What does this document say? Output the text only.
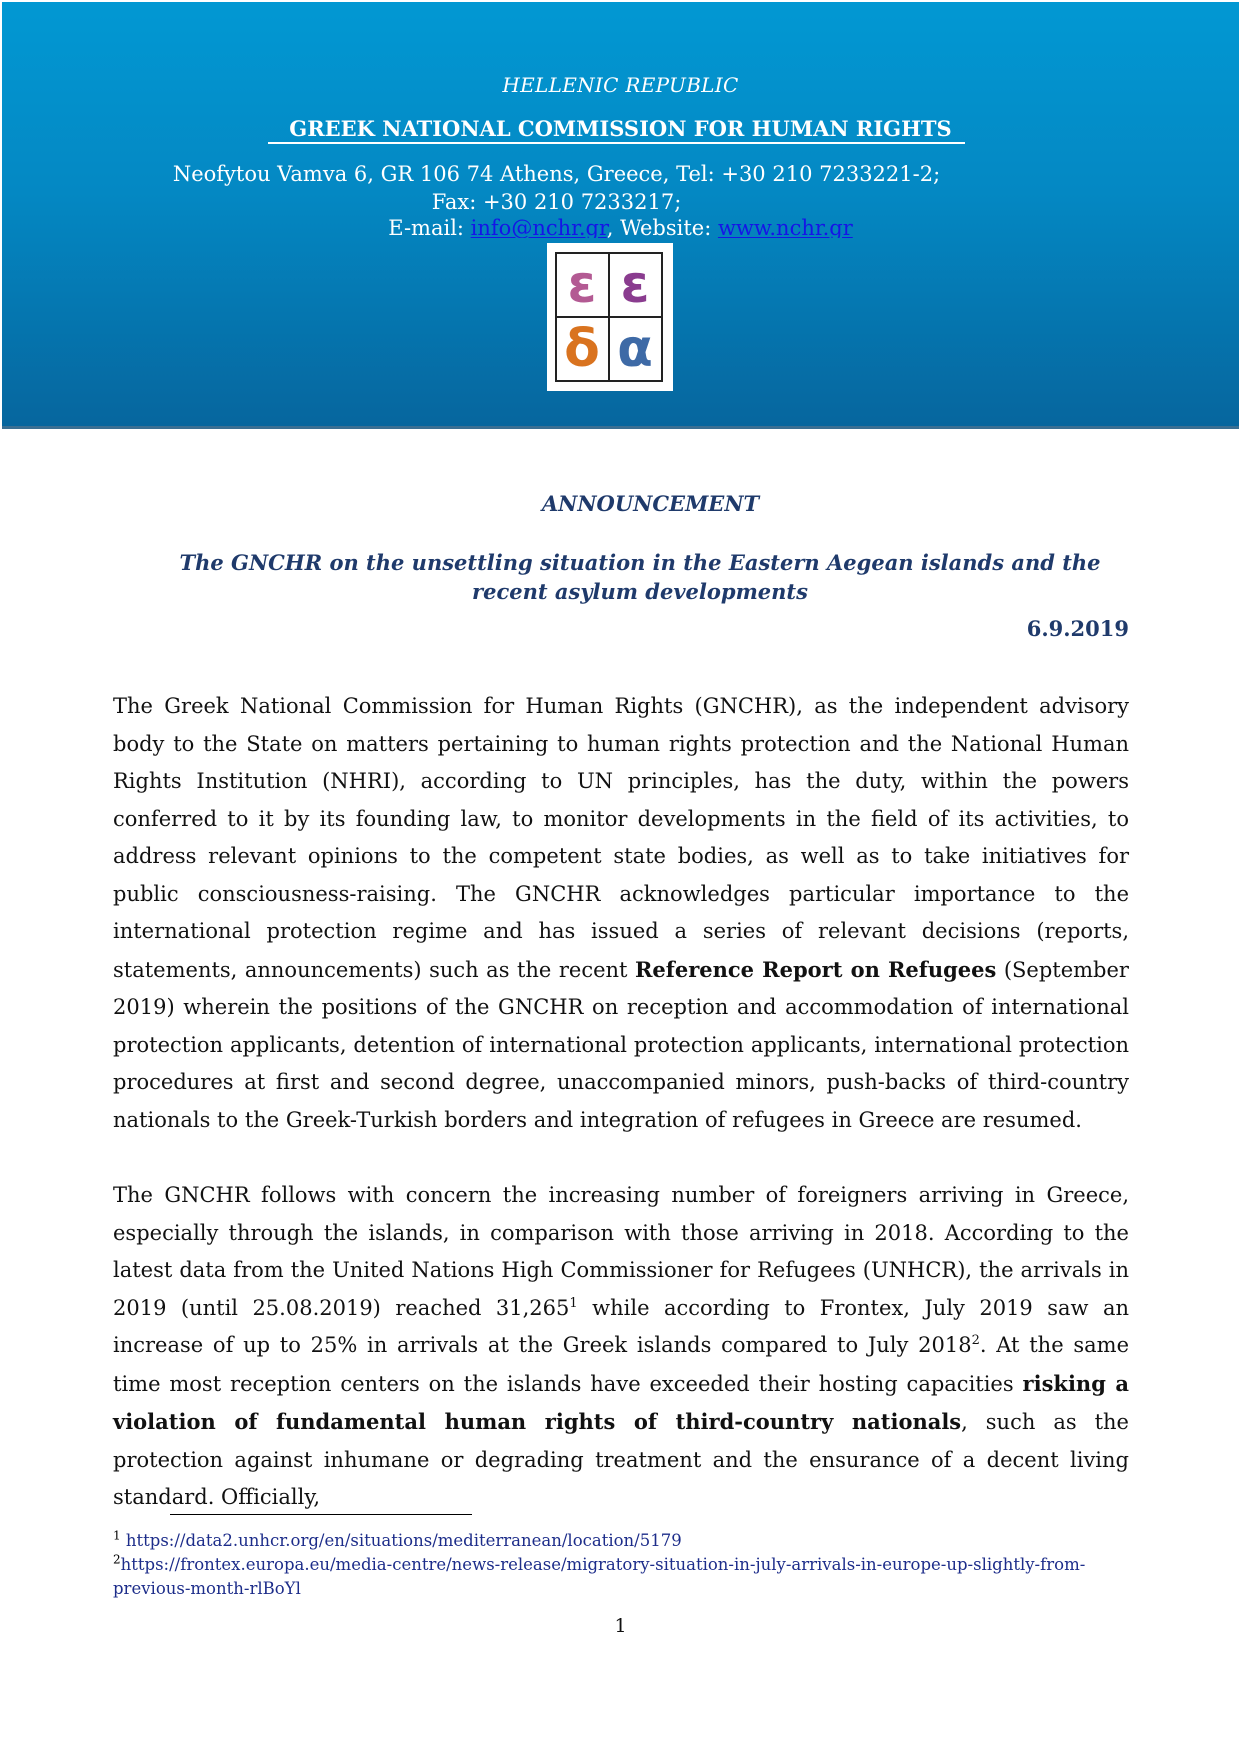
HELLENIC REPUBLIC
GREEK NATIONAL COMMISSION FOR HUMAN RIGHTS
Neofytou Vamva 6, GR 106 74 Athens, Greece, Tel: +30 210 7233221-2; Fax: +30 210 7233217;
E-mail: info@nchr.gr, Website: www.nchr.gr
ε ε
δ α
ANNOUNCEMENT
The GNCHR on the unsettling situation in the Eastern Aegean islands and the recent asylum developments
6.9.2019
The Greek National Commission for Human Rights (GNCHR), as the independent advisory body to the State on matters pertaining to human rights protection and the National Human Rights Institution (NHRI), according to UN principles, has the duty, within the powers conferred to it by its founding law, to monitor developments in the field of its activities, to address relevant opinions to the competent state bodies, as well as to take initiatives for public consciousness-raising. The GNCHR acknowledges particular importance to the international protection regime and has issued a series of relevant decisions (reports, statements, announcements) such as the recent Reference Report on Refugees (September 2019) wherein the positions of the GNCHR on reception and accommodation of international protection applicants, detention of international protection applicants, international protection procedures at first and second degree, unaccompanied minors, push-backs of third-country nationals to the Greek-Turkish borders and integration of refugees in Greece are resumed.
The GNCHR follows with concern the increasing number of foreigners arriving in Greece, especially through the islands, in comparison with those arriving in 2018. According to the latest data from the United Nations High Commissioner for Refugees (UNHCR), the arrivals in 2019 (until 25.08.2019) reached 31,265$^1$ while according to Frontex, July 2019 saw an increase of up to 25% in arrivals at the Greek islands compared to July 2018$^2$. At the same time most reception centers on the islands have exceeded their hosting capacities risking a violation of fundamental human rights of third-country nationals, such as the protection against inhumane or degrading treatment and the ensurance of a decent living standard. Officially,
$^1$ https://data2.unhcr.org/en/situations/mediterranean/location/5179
$^2$https://frontex.europa.eu/media-centre/news-release/migratory-situation-in-july-arrivals-in-europe-up-slightly-from-previous-month-rlBoYl
1
